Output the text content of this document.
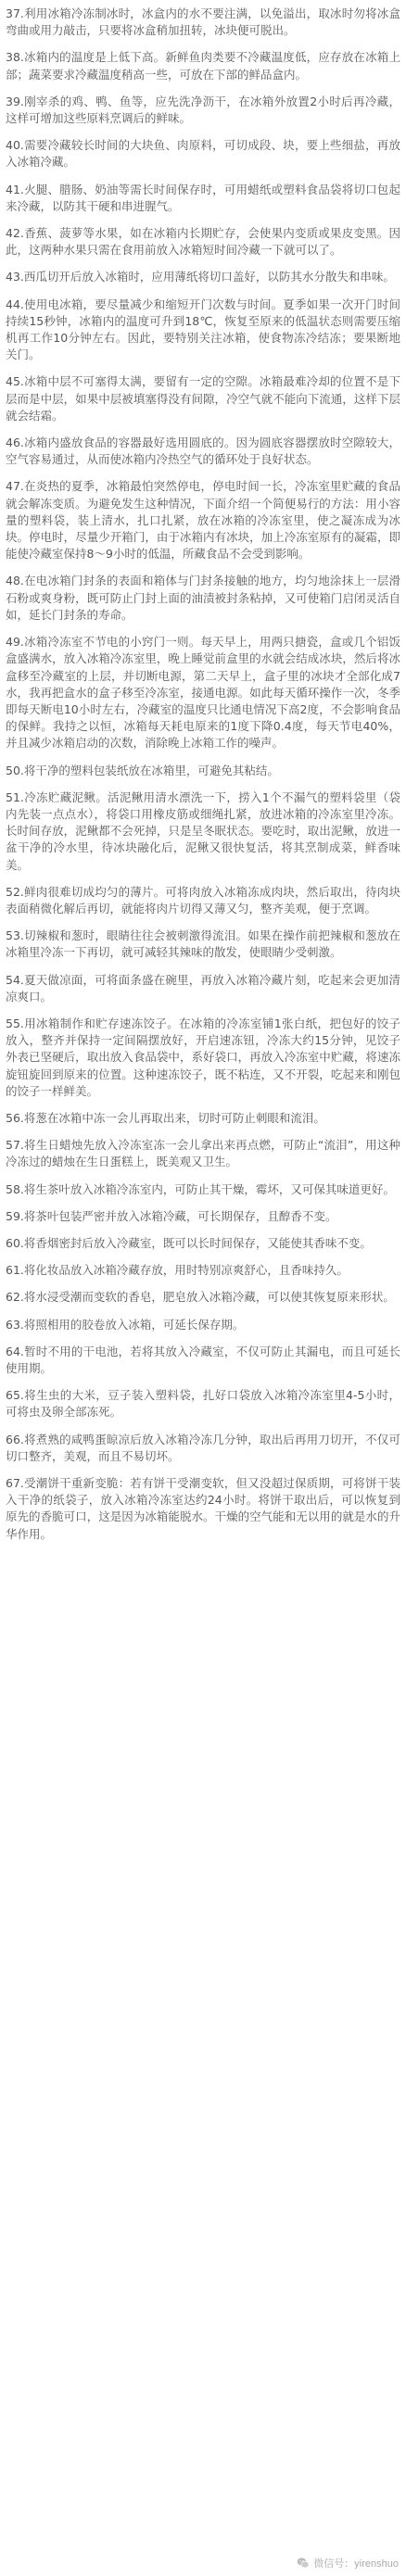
37.利用冰箱冷冻制冰时，冰盒内的水不要注满，以免溢出，取冰时勿将冰盒弯曲或用力敲击，只要将冰盒稍加扭转，冰块便可脱出。

38.冰箱内的温度是上低下高。新鲜鱼肉类要不冷藏温度低，应存放在冰箱上部；蔬菜要求冷藏温度稍高一些，可放在下部的鲜品盒内。

39.刚宰杀的鸡、鸭、鱼等，应先洗净沥干，在冰箱外放置2小时后再冷藏，这样可增加这些原料烹调后的鲜味。

40.需要冷藏较长时间的大块鱼、肉原料，可切成段、块，要上些细盐，再放入冰箱冷藏。

41.火腿、腊肠、奶油等需长时间保存时，可用蜡纸或塑料食品袋将切口包起来冷藏，以防其干硬和串进腥气。

42.香蕉、菠萝等水果，如在冰箱内长期贮存，会使果内变质或果皮变黑。因此，这两种水果只需在食用前放入冰箱短时间冷藏一下就可以了。

43.西瓜切开后放入冰箱时，应用薄纸将切口盖好，以防其水分散失和串味。

44.使用电冰箱，要尽量减少和缩短开门次数与时间。夏季如果一次开门时间持续15秒钟，冰箱内的温度可升到18℃，恢复至原来的低温状态则需要压缩机再工作10分钟左右。因此，要特别关注冰箱，使食物冻冷结冻；要果断地关门。

45.冰箱中层不可塞得太满，要留有一定的空隙。冰箱最难冷却的位置不是下层而是中层，如果中层被填塞得没有间隙，冷空气就不能向下流通，这样下层就会结霜。

46.冰箱内盛放食品的容器最好选用圆底的。因为圆底容器摆放时空隙较大，空气容易通过，从而使冰箱内冷热空气的循环处于良好状态。

47.在炎热的夏季，冰箱最怕突然停电，停电时间一长，冷冻室里贮藏的食品就会解冻变质。为避免发生这种情况，下面介绍一个简便易行的方法：用小容量的塑料袋，装上清水，扎口扎紧，放在冰箱的冷冻室里，使之凝冻成为冰块。停电时，尽量少开箱门，由于冰箱内有冰块，加上冷冻室原有的凝霜，即能使冷藏室保持8～9小时的低温，所藏食品不会受到影响。

48.在电冰箱门封条的表面和箱体与门封条接触的地方，均匀地涂抹上一层滑石粉或爽身粉，既可防止门封上面的油渍被封条粘掉，又可使箱门启闭灵活自如，延长门封条的寿命。

49.冰箱冷冻室不节电的小窍门一则。每天早上，用两只搪瓷，盒或几个铝饭盒盛满水，放入冰箱冷冻室里，晚上睡觉前盒里的水就会结成冰块，然后将冰盒移至冷藏室的上层，并切断电源，第二天早上，盒子里的冰块才全部化成7水，我再把盒水的盒子移至冷冻室，接通电源。如此每天循环操作一次，冬季即每天断电10小时左右，冷藏室的温度只比通电情况下高2度，不会影响食品的保鲜。我持之以恒，冰箱每天耗电原来的1度下降0.4度，每天节电40%，并且减少冰箱启动的次数，消除晚上冰箱工作的噪声。

50.将干净的塑料包装纸放在冰箱里，可避免其粘结。

51.冷冻贮藏泥鳅。活泥鳅用清水漂洗一下，捞入1个不漏气的塑料袋里（袋内先装一点点水），将袋口用橡皮筋或细绳扎紧，放进冰箱的冷冻室里冷冻。长时间存放，泥鳅都不会死掉，只是呈冬眠状态。要吃时，取出泥鳅，放进一盆干净的冷水里，待冰块融化后，泥鳅又很快复活，将其烹制成菜，鲜香味美。

52.鲜肉很难切成均匀的薄片。可将肉放入冰箱冻成肉块，然后取出，待肉块表面稍微化解后再切，就能将肉片切得又薄又匀，整齐美观，便于烹调。

53.切辣椒和葱时，眼睛往往会被刺激得流泪。如果在操作前把辣椒和葱放在冰箱里冷冻一下再切，就可减轻其辣味的散发，使眼睛少受刺激。

54.夏天做凉面，可将面条盛在碗里，再放入冰箱冷藏片刻，吃起来会更加清凉爽口。

55.用冰箱制作和贮存速冻饺子。在冰箱的冷冻室铺1张白纸，把包好的饺子放入，整齐并保持一定间隔摆放好，开启速冻钮，冷冻大约15分钟，见饺子外表已坚硬后，取出放入食品袋中，系好袋口，再放入冷冻室中贮藏，将速冻旋钮旋回到原来的位置。这种速冻饺子，既不粘连，又不开裂，吃起来和刚包的饺子一样鲜美。

56.将葱在冰箱中冻一会儿再取出来，切时可防止刺眼和流泪。

57.将生日蜡烛先放入冷冻室冻一会儿拿出来再点燃，可防止“流泪”，用这种冷冻过的蜡烛在生日蛋糕上，既美观又卫生。

58.将生茶叶放入冰箱冷冻室内，可防止其干燥，霉坏，又可保其味道更好。

59.将茶叶包装严密并放入冰箱冷藏，可长期保存，且醇香不变。

60.将香烟密封后放入冷藏室，既可以长时间保存，又能使其香味不变。

61.将化妆品放入冰箱冷藏存放，用时特别凉爽舒心，且香味持久。

62.将水浸受潮而变软的香皂，肥皂放入冰箱冷藏，可以使其恢复原来形状。

63.将照相用的胶卷放入冰箱，可延长保存期。

64.暂时不用的干电池，若将其放入冷藏室，不仅可防止其漏电，而且可延长使用期。

65.将生虫的大米，豆子装入塑料袋，扎好口袋放入冰箱冷冻室里4-5小时，可将虫及卵全部冻死。

66.将煮熟的咸鸭蛋晾凉后放入冰箱冷冻几分钟，取出后再用刀切开，不仅可切口整齐，美观，而且不易切坏。

67.受潮饼干重新变脆：若有饼干受潮变软，但又没超过保质期，可将饼干装入干净的纸袋子，放入冰箱冷冻室达约24小时。将饼干取出后，可以恢复到原先的香脆可口，这是因为冰箱能脱水。干燥的空气能和无以用的就是水的升华作用。

微信号：yirenshuo
